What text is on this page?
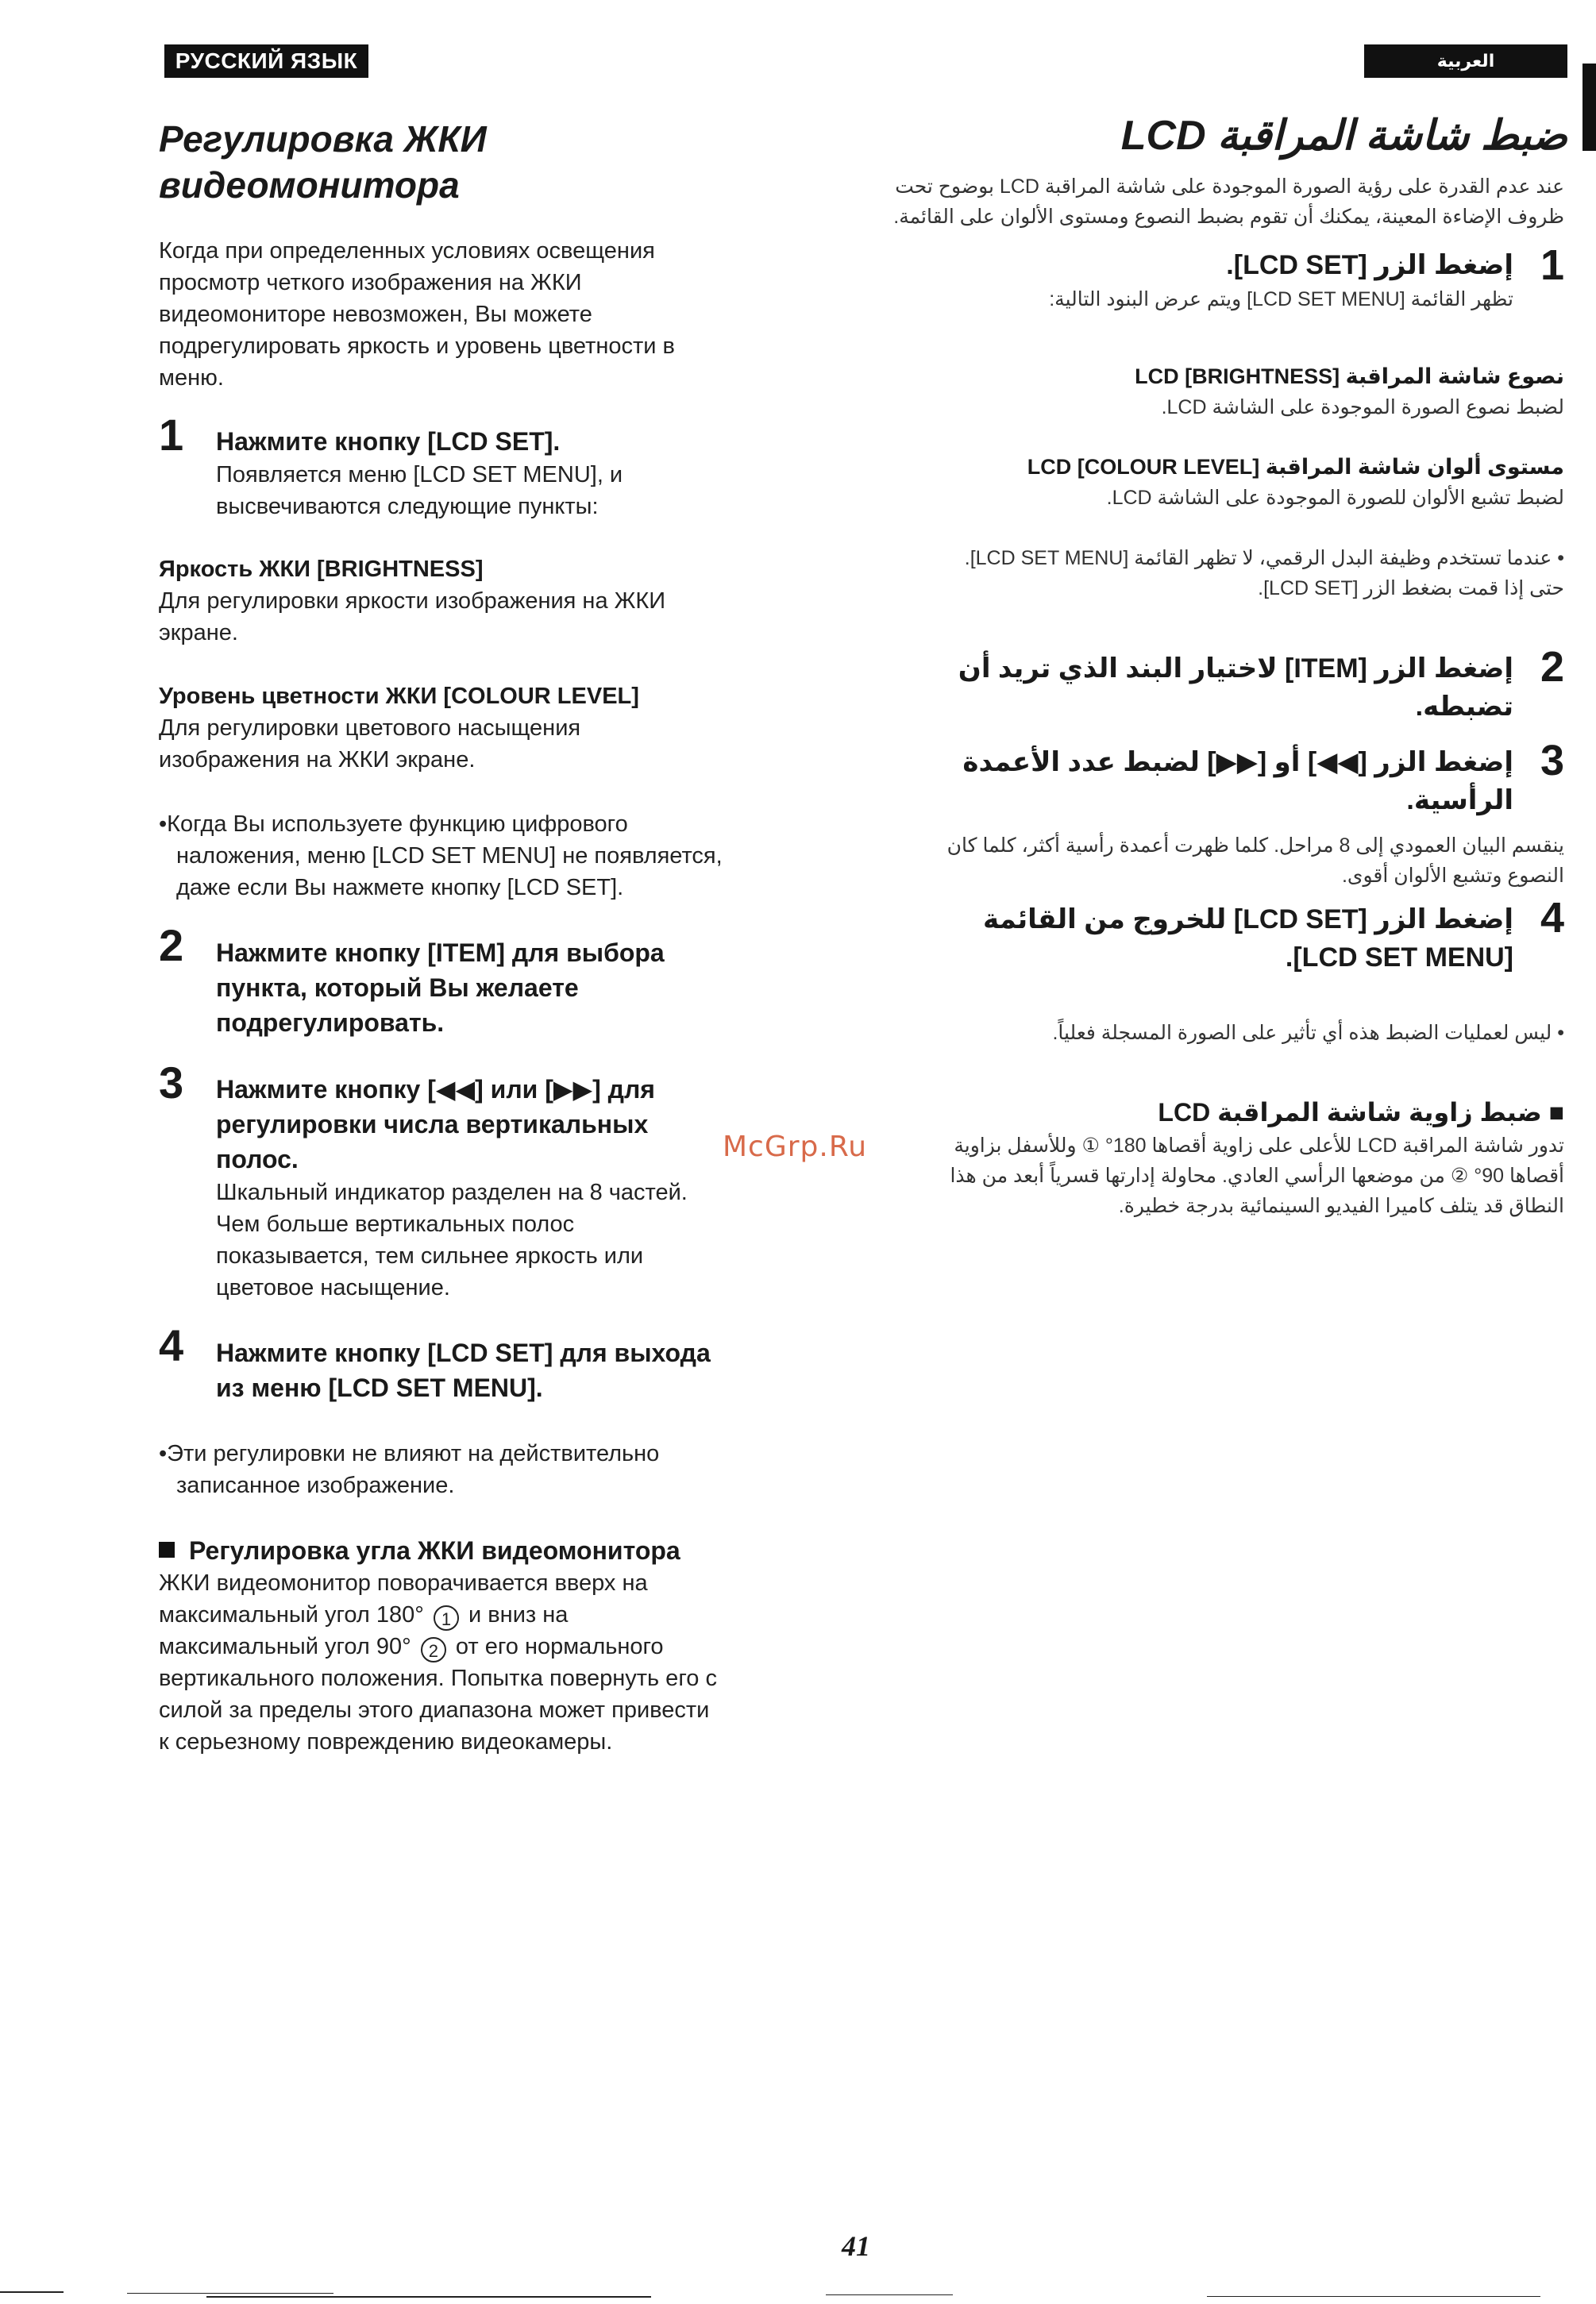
РУССКИЙ ЯЗЫК	العربية
Регулировка ЖКИ
видеомонитора
Когда при определенных условиях освещения
просмотр четкого изображения на ЖКИ
видеомониторе невозможен, Вы можете
подрегулировать яркость и уровень цветности в
меню.
1	Нажмите кнопку [LCD SET].
Появляется меню [LCD SET MENU], и
высвечиваются следующие пункты:
Яркость ЖКИ [BRIGHTNESS]
Для регулировки яркости изображения на ЖКИ
экране.
Уровень цветности ЖКИ [COLOUR LEVEL]
Для регулировки цветового насыщения
изображения на ЖКИ экране.
•Когда Вы используете функцию цифрового
наложения, меню [LCD SET MENU] не появляется,
даже если Вы нажмете кнопку [LCD SET].
2	Нажмите кнопку [ITEM] для выбора
пункта, который Вы желаете
подрегулировать.
3	Нажмите кнопку [◀◀] или [▶▶] для
регулировки числа вертикальных
полос.
Шкальный индикатор разделен на 8 частей.
Чем больше вертикальных полос
показывается, тем сильнее яркость или
цветовое насыщение.
McGrp.Ru
4	Нажмите кнопку [LCD SET] для выхода
из меню [LCD SET MENU].
•Эти регулировки не влияют на действительно
записанное изображение.
Регулировка угла ЖКИ видеомонитора
ЖКИ видеомонитор поворачивается вверх на
максимальный угол 180° 1 и вниз на
максимальный угол 90° 2 от его нормального
вертикального положения. Попытка повернуть его с
силой за пределы этого диапазона может привести
к серьезному повреждению видеокамеры.
ضبط شاشة المراقبة LCD
عند عدم القدرة على رؤية الصورة الموجودة على شاشة المراقبة LCD بوضوح تحت
ظروف الإضاءة المعينة، يمكنك أن تقوم بضبط النصوع ومستوى الألوان على القائمة.
1
إضغط الزر [LCD SET].
تظهر القائمة [LCD SET MENU] ويتم عرض البنود التالية:
نصوع شاشة المراقبة LCD [BRIGHTNESS]
لضبط نصوع الصورة الموجودة على الشاشة LCD.
مستوى ألوان شاشة المراقبة LCD [COLOUR LEVEL]
لضبط تشبع الألوان للصورة الموجودة على الشاشة LCD.
• عندما تستخدم وظيفة البدل الرقمي، لا تظهر القائمة [LCD SET MENU].
حتى إذا قمت بضغط الزر [LCD SET].
2
إضغط الزر [ITEM] لاختيار البند الذي تريد أن
تضبطه.
3
إضغط الزر [◀◀] أو [▶▶] لضبط عدد الأعمدة
الرأسية.
ينقسم البيان العمودي إلى 8 مراحل. كلما ظهرت أعمدة رأسية أكثر، كلما كان
النصوع وتشبع الألوان أقوى.
4
إضغط الزر [LCD SET] للخروج من القائمة
[LCD SET MENU].
• ليس لعمليات الضبط هذه أي تأثير على الصورة المسجلة فعلياً.
■ ضبط زاوية شاشة المراقبة LCD
تدور شاشة المراقبة LCD للأعلى على زاوية أقصاها 180° ① وللأسفل بزاوية
أقصاها 90° ② من موضعها الرأسي العادي. محاولة إدارتها قسرياً أبعد من هذا
النطاق قد يتلف كاميرا الفيديو السينمائية بدرجة خطيرة.
41
